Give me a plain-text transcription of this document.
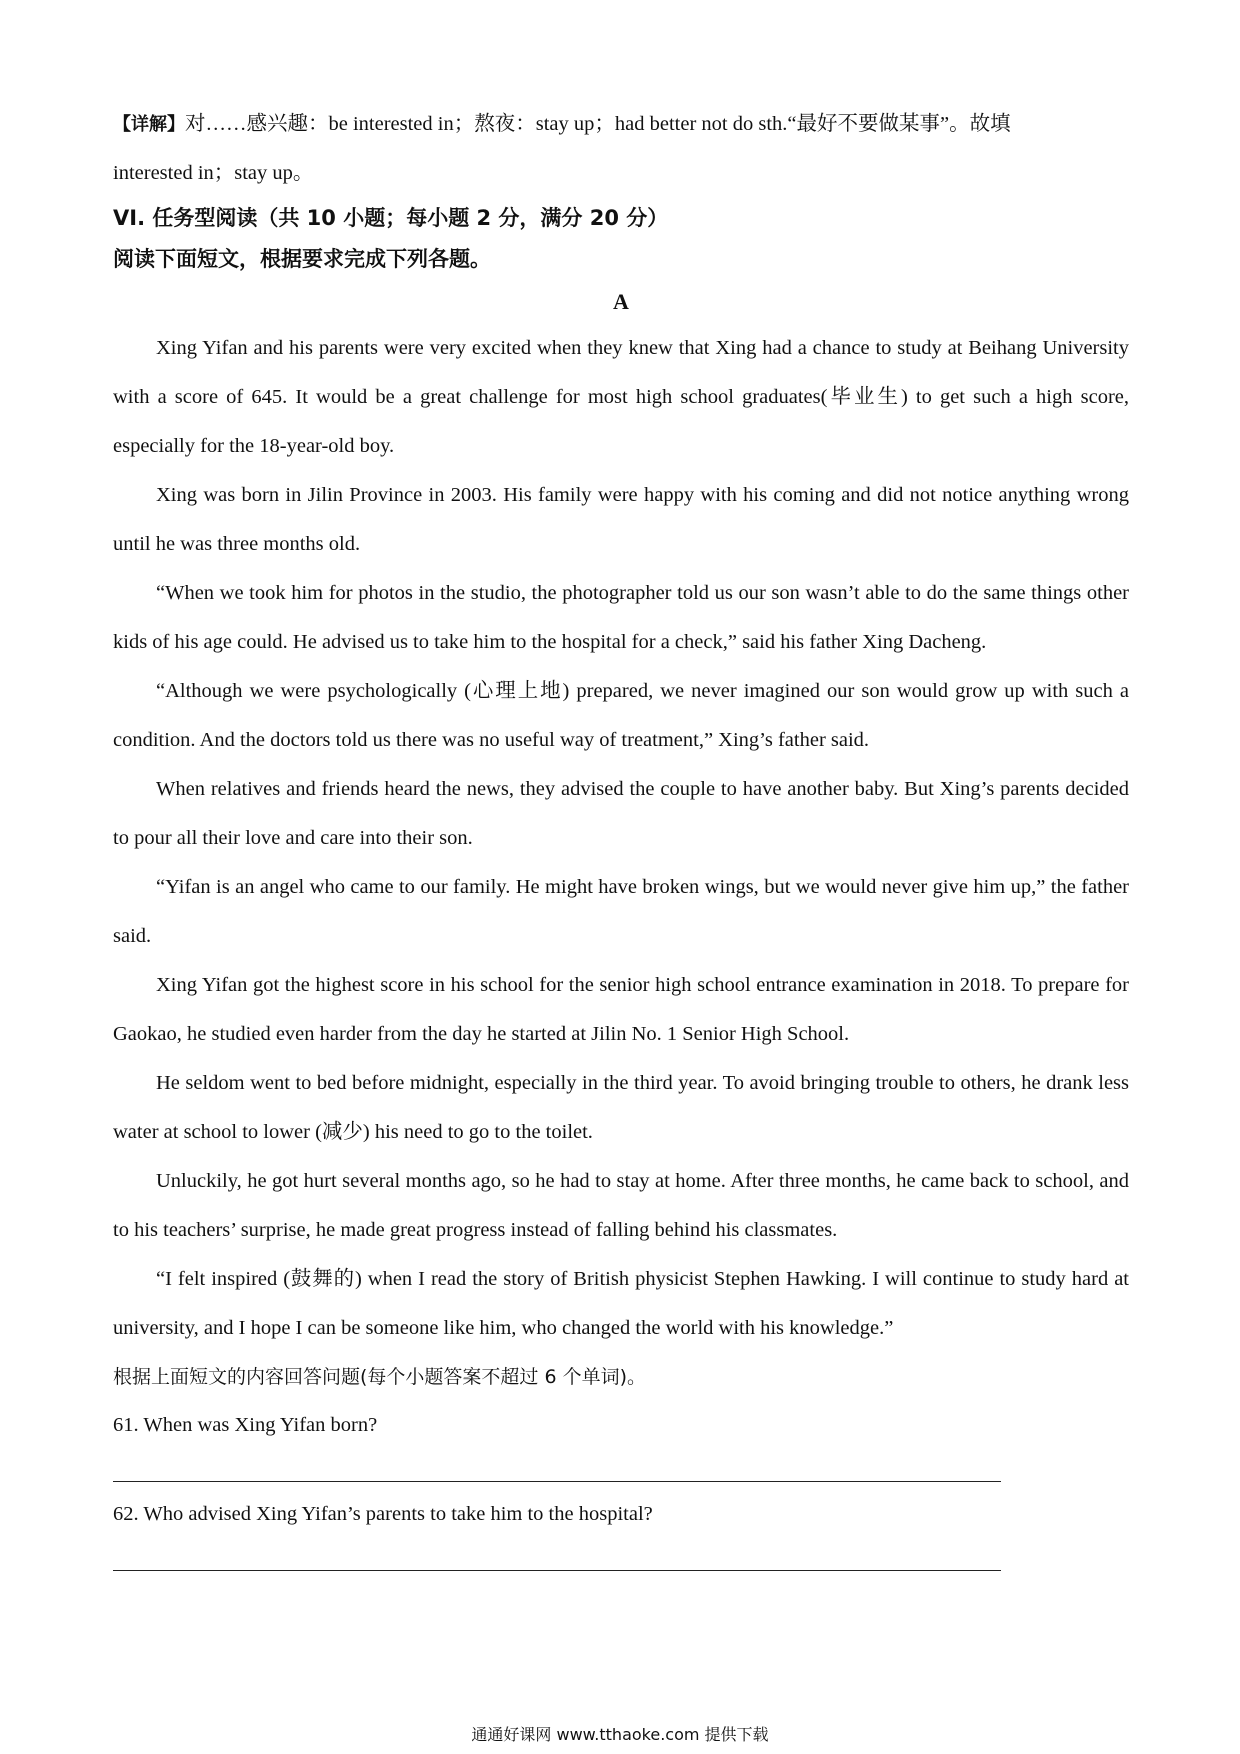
【详解】对……感兴趣：be interested in；熬夜：stay up；had better not do sth.“最好不要做某事”。故填
interested in；stay up。
VI. 任务型阅读（共 10 小题；每小题 2 分，满分 20 分）
阅读下面短文，根据要求完成下列各题。
A

Xing Yifan and his parents were very excited when they knew that Xing had a chance to study at Beihang University with a score of 645. It would be a great challenge for most high school graduates(毕业生) to get such a high score, especially for the 18-year-old boy.

Xing was born in Jilin Province in 2003. His family were happy with his coming and did not notice anything wrong until he was three months old.

“When we took him for photos in the studio, the photographer told us our son wasn’t able to do the same things other kids of his age could. He advised us to take him to the hospital for a check,” said his father Xing Dacheng.

“Although we were psychologically (心理上地) prepared, we never imagined our son would grow up with such a condition. And the doctors told us there was no useful way of treatment,” Xing’s father said.

When relatives and friends heard the news, they advised the couple to have another baby. But Xing’s parents decided to pour all their love and care into their son.

“Yifan is an angel who came to our family. He might have broken wings, but we would never give him up,” the father said.

Xing Yifan got the highest score in his school for the senior high school entrance examination in 2018. To prepare for Gaokao, he studied even harder from the day he started at Jilin No. 1 Senior High School.

He seldom went to bed before midnight, especially in the third year. To avoid bringing trouble to others, he drank less water at school to lower (减少) his need to go to the toilet.

Unluckily, he got hurt several months ago, so he had to stay at home. After three months, he came back to school, and to his teachers’ surprise, he made great progress instead of falling behind his classmates.

“I felt inspired (鼓舞的) when I read the story of British physicist Stephen Hawking. I will continue to study hard at university, and I hope I can be someone like him, who changed the world with his knowledge.”

根据上面短文的内容回答问题(每个小题答案不超过 6 个单词)。
61. When was Xing Yifan born?
62. Who advised Xing Yifan’s parents to take him to the hospital?
通通好课网 www.tthaoke.com 提供下载
